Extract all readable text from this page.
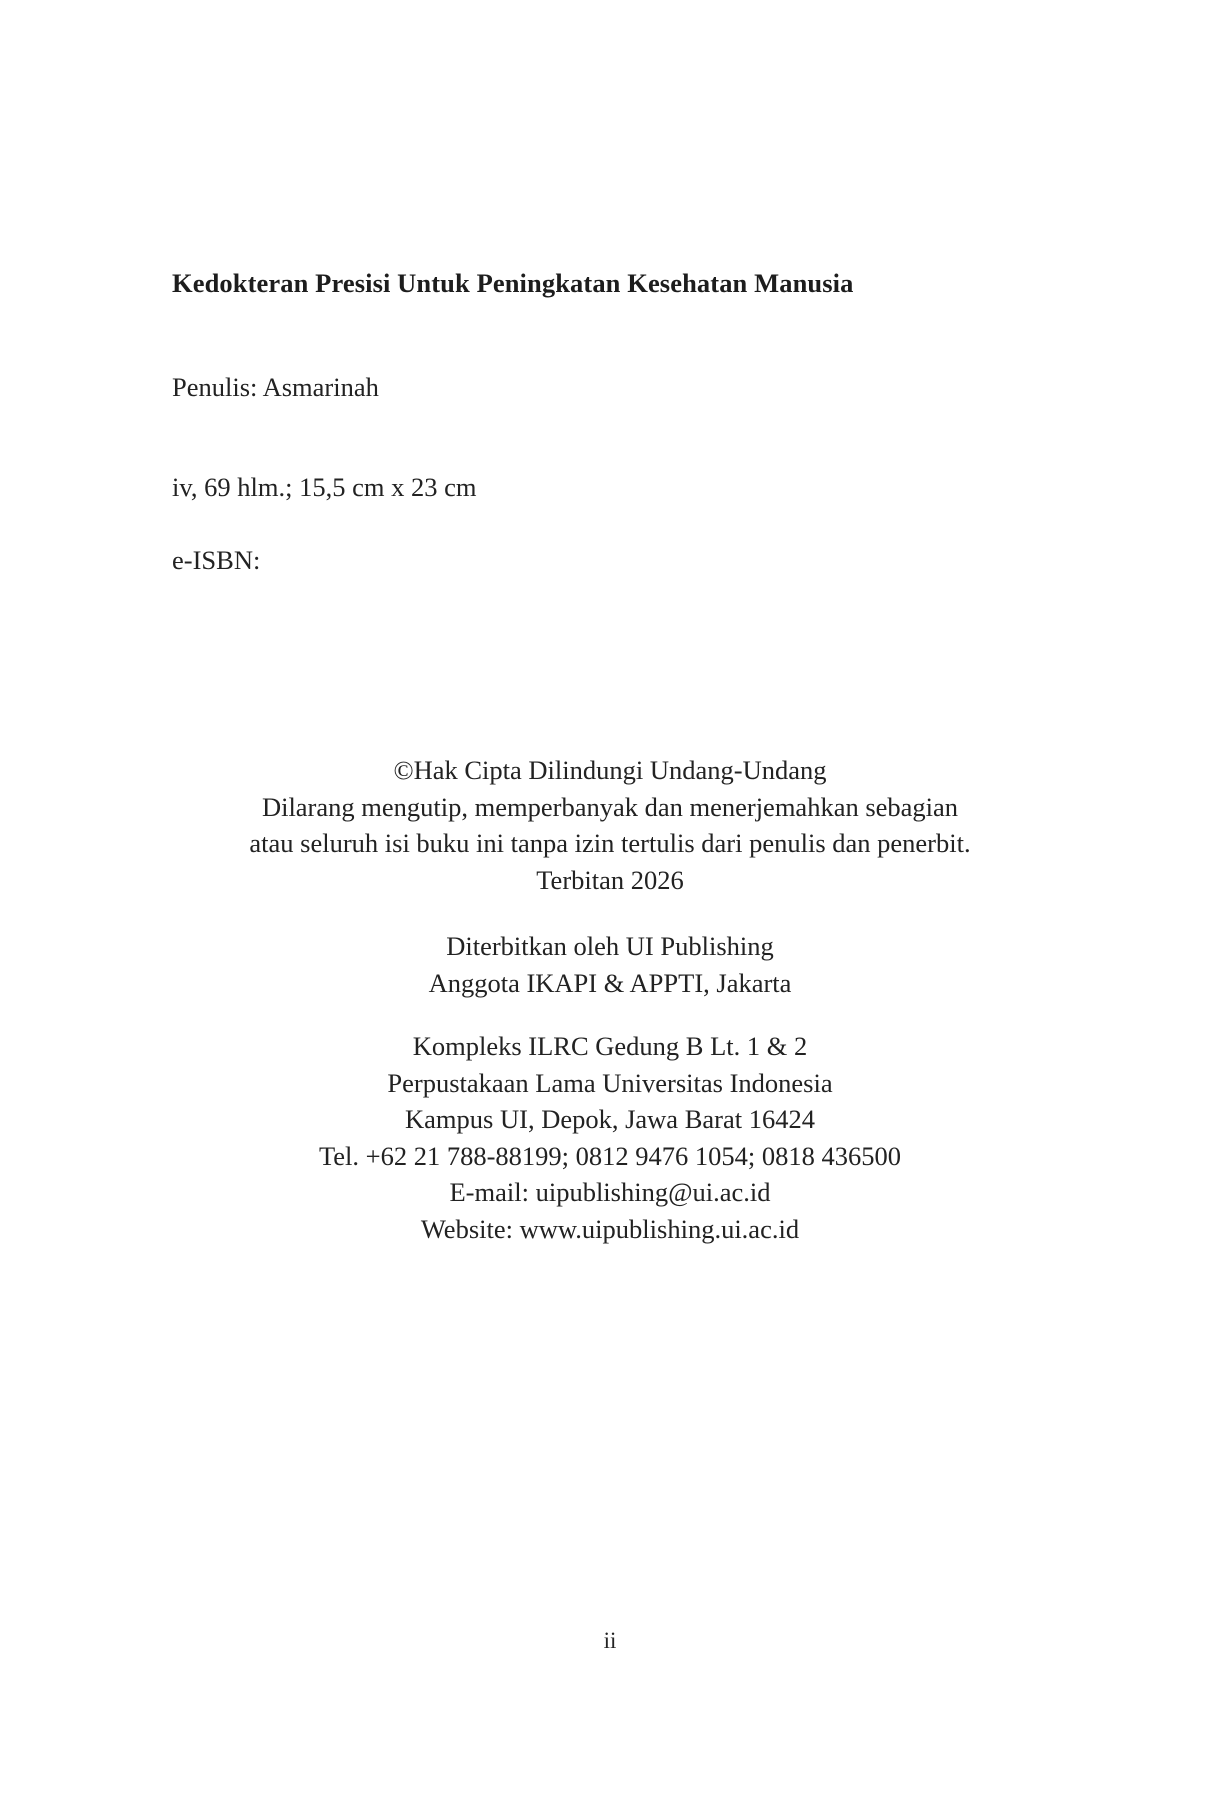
Kedokteran Presisi Untuk Peningkatan Kesehatan Manusia

Penulis: Asmarinah

iv, 69 hlm.; 15,5 cm x 23 cm

e-ISBN:

©Hak Cipta Dilindungi Undang-Undang

Dilarang mengutip, memperbanyak dan menerjemahkan sebagian

atau seluruh isi buku ini tanpa izin tertulis dari penulis dan penerbit.

Terbitan 2026

Diterbitkan oleh UI Publishing

Anggota IKAPI & APPTI, Jakarta

Kompleks ILRC Gedung B Lt. 1 & 2

Perpustakaan Lama Universitas Indonesia

Kampus UI, Depok, Jawa Barat 16424

Tel. +62 21 788-88199; 0812 9476 1054; 0818 436500

E-mail: uipublishing@ui.ac.id

Website: www.uipublishing.ui.ac.id

ii
